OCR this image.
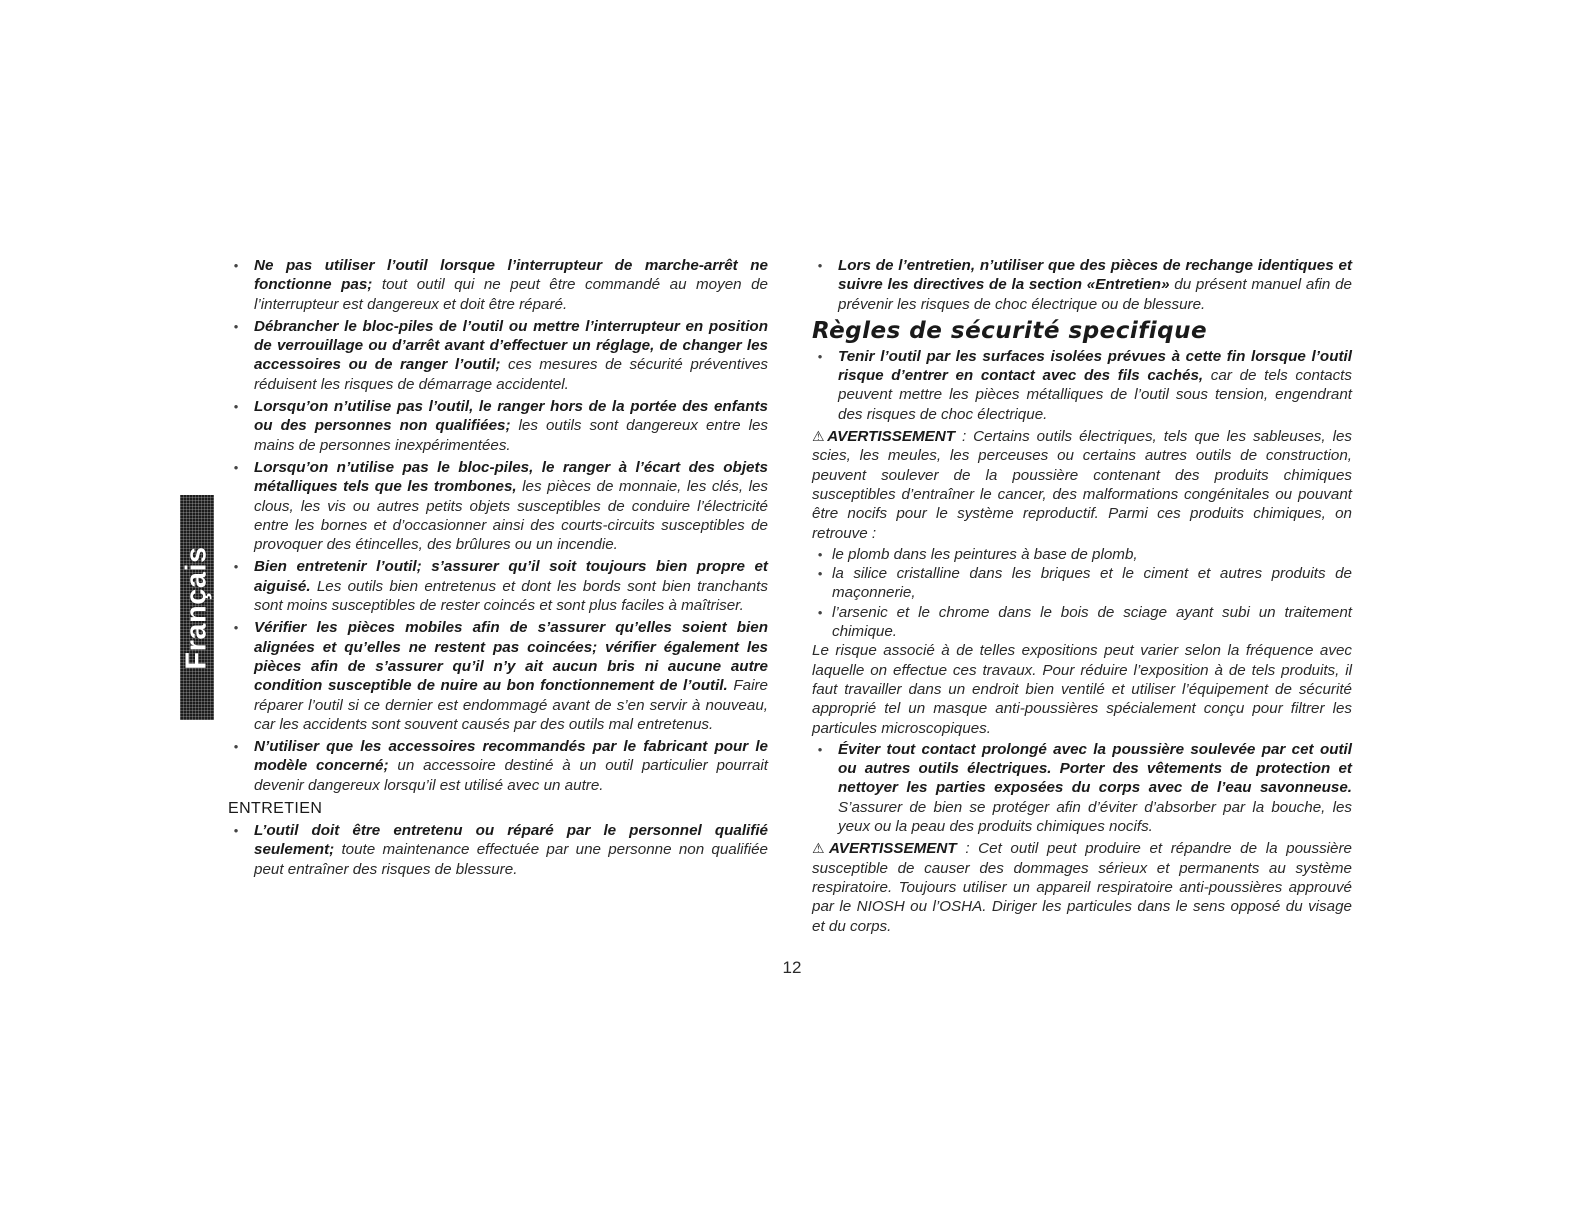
Français
•	Ne pas utiliser l’outil lorsque l’interrupteur de marche-arrêt ne fonctionne pas; tout outil qui ne peut être commandé au moyen de l’interrupteur est dangereux et doit être réparé.
•	Débrancher le bloc-piles de l’outil ou mettre l’interrupteur en position de verrouillage ou d’arrêt avant d’effectuer un réglage, de changer les accessoires ou de ranger l’outil; ces mesures de sécurité préventives réduisent les risques de démarrage accidentel.
•	Lorsqu’on n’utilise pas l’outil, le ranger hors de la portée des enfants ou des personnes non qualifiées; les outils sont dangereux entre les mains de personnes inexpérimentées.
•	Lorsqu’on n’utilise pas le bloc-piles, le ranger à l’écart des objets métalliques tels que les trombones, les pièces de monnaie, les clés, les clous, les vis ou autres petits objets susceptibles de conduire l’électricité entre les bornes et d’occasionner ainsi des courts-circuits susceptibles de provoquer des étincelles, des brûlures ou un incendie.
•	Bien entretenir l’outil; s’assurer qu’il soit toujours bien propre et aiguisé. Les outils bien entretenus et dont les bords sont bien tranchants sont moins susceptibles de rester coincés et sont plus faciles à maîtriser.
•	Vérifier les pièces mobiles afin de s’assurer qu’elles soient bien alignées et qu’elles ne restent pas coincées; vérifier également les pièces afin de s’assurer qu’il n’y ait aucun bris ni aucune autre condition susceptible de nuire au bon fonctionnement de l’outil. Faire réparer l’outil si ce dernier est endommagé avant de s’en servir à nouveau, car les accidents sont souvent causés par des outils mal entretenus.
•	N’utiliser que les accessoires recommandés par le fabricant pour le modèle concerné; un accessoire destiné à un outil particulier pourrait devenir dangereux lorsqu’il est utilisé avec un autre.
ENTRETIEN
•	L’outil doit être entretenu ou réparé par le personnel qualifié seulement; toute maintenance effectuée par une personne non qualifiée peut entraîner des risques de blessure.
•	Lors de l’entretien, n’utiliser que des pièces de rechange identiques et suivre les directives de la section «Entretien» du présent manuel afin de prévenir les risques de choc électrique ou de blessure.
Règles de sécurité specifique
•	Tenir l’outil par les surfaces isolées prévues à cette fin lorsque l’outil risque d’entrer en contact avec des fils cachés, car de tels contacts peuvent mettre les pièces métalliques de l’outil sous tension, engendrant des risques de choc électrique.

⚠AVERTISSEMENT : Certains outils électriques, tels que les sableuses, les scies, les meules, les perceuses ou certains autres outils de construction, peuvent soulever de la poussière contenant des produits chimiques susceptibles d’entraîner le cancer, des malformations congénitales ou pouvant être nocifs pour le système reproductif. Parmi ces produits chimiques, on retrouve :

• le plomb dans les peintures à base de plomb,
• la silice cristalline dans les briques et le ciment et autres produits de maçonnerie,
• l’arsenic et le chrome dans le bois de sciage ayant subi un traitement chimique.

Le risque associé à de telles expositions peut varier selon la fréquence avec laquelle on effectue ces travaux. Pour réduire l’exposition à de tels produits, il faut travailler dans un endroit bien ventilé et utiliser l’équipement de sécurité approprié tel un masque anti-poussières spécialement conçu pour filtrer les particules microscopiques.

•	Éviter tout contact prolongé avec la poussière soulevée par cet outil ou autres outils électriques. Porter des vêtements de protection et nettoyer les parties exposées du corps avec de l’eau savonneuse. S’assurer de bien se protéger afin d’éviter d’absorber par la bouche, les yeux ou la peau des produits chimiques nocifs.

⚠AVERTISSEMENT : Cet outil peut produire et répandre de la poussière susceptible de causer des dommages sérieux et permanents au système respiratoire. Toujours utiliser un appareil respiratoire anti-poussières approuvé par le NIOSH ou l’OSHA. Diriger les particules dans le sens opposé du visage et du corps.

12
